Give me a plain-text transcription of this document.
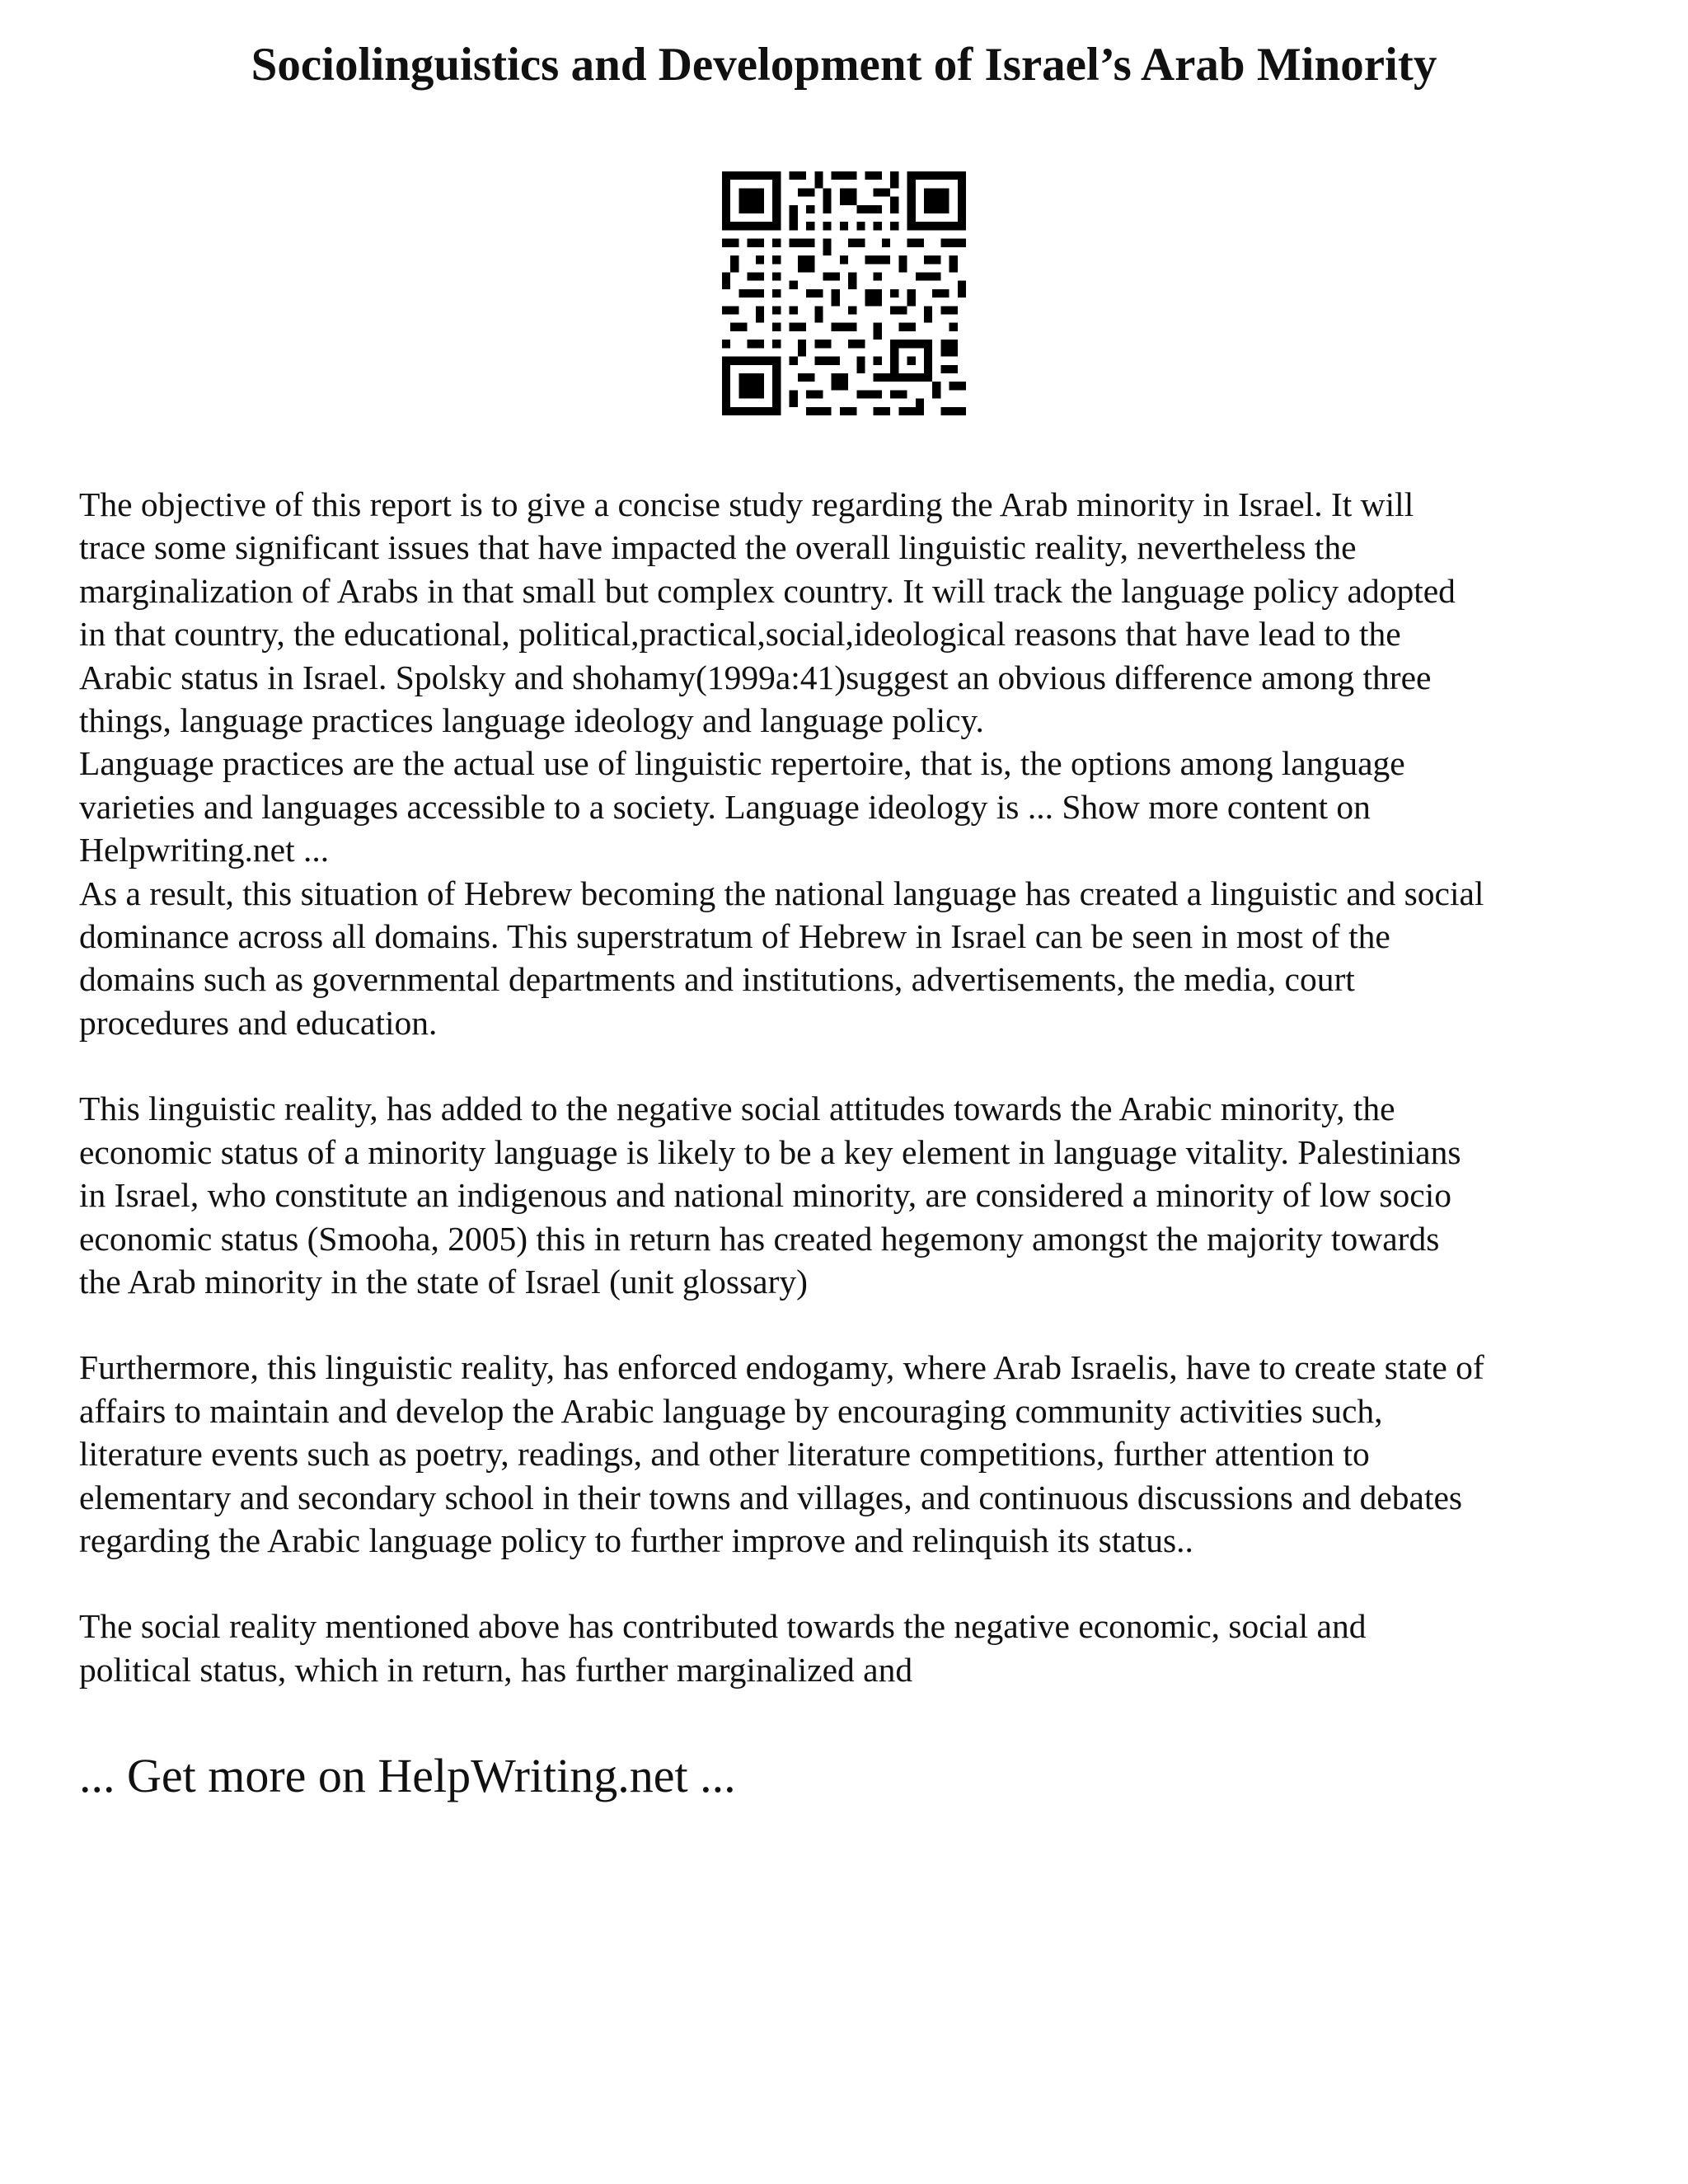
Sociolinguistics and Development of Israel’s Arab Minority

The objective of this report is to give a concise study regarding the Arab minority in Israel. It will
trace some significant issues that have impacted the overall linguistic reality, nevertheless the
marginalization of Arabs in that small but complex country. It will track the language policy adopted
in that country, the educational, political,practical,social,ideological reasons that have lead to the
Arabic status in Israel. Spolsky and shohamy(1999a:41)suggest an obvious difference among three
things, language practices language ideology and language policy.

Language practices are the actual use of linguistic repertoire, that is, the options among language
varieties and languages accessible to a society. Language ideology is ... Show more content on
Helpwriting.net ...

As a result, this situation of Hebrew becoming the national language has created a linguistic and social
dominance across all domains. This superstratum of Hebrew in Israel can be seen in most of the
domains such as governmental departments and institutions, advertisements, the media, court
procedures and education.

This linguistic reality, has added to the negative social attitudes towards the Arabic minority, the
economic status of a minority language is likely to be a key element in language vitality. Palestinians
in Israel, who constitute an indigenous and national minority, are considered a minority of low socio
economic status (Smooha, 2005) this in return has created hegemony amongst the majority towards
the Arab minority in the state of Israel (unit glossary)

Furthermore, this linguistic reality, has enforced endogamy, where Arab Israelis, have to create state of
affairs to maintain and develop the Arabic language by encouraging community activities such,
literature events such as poetry, readings, and other literature competitions, further attention to
elementary and secondary school in their towns and villages, and continuous discussions and debates
regarding the Arabic language policy to further improve and relinquish its status..

The social reality mentioned above has contributed towards the negative economic, social and
political status, which in return, has further marginalized and

... Get more on HelpWriting.net ...
